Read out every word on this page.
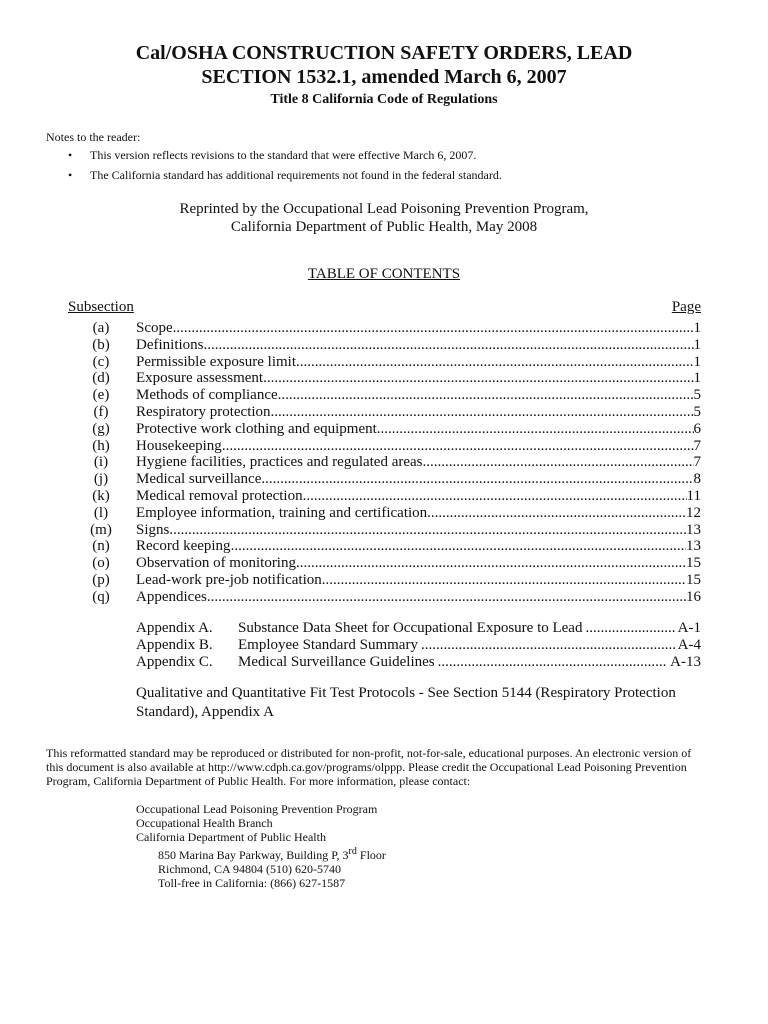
Cal/OSHA CONSTRUCTION SAFETY ORDERS, LEAD
SECTION 1532.1, amended March 6, 2007
Title 8 California Code of Regulations
Notes to the reader:
• This version reflects revisions to the standard that were effective March 6, 2007.
• The California standard has additional requirements not found in the federal standard.
Reprinted by the Occupational Lead Poisoning Prevention Program,
California Department of Public Health, May 2008
TABLE OF CONTENTS
Subsection	Page
(a)	Scope .....	1
(b)	Definitions .....	1
(c)	Permissible exposure limit .....	1
(d)	Exposure assessment .....	1
(e)	Methods of compliance .....	5
(f)	Respiratory protection .....	5
(g)	Protective work clothing and equipment .....	6
(h)	Housekeeping .....	7
(i)	Hygiene facilities, practices and regulated areas .....	7
(j)	Medical surveillance .....	8
(k)	Medical removal protection .....	11
(l)	Employee information, training and certification .....	12
(m)	Signs .....	13
(n)	Record keeping .....	13
(o)	Observation of monitoring .....	15
(p)	Lead-work pre-job notification .....	15
(q)	Appendices .....	16
Appendix A.	Substance Data Sheet for Occupational Exposure to Lead .....	A-1
Appendix B.	Employee Standard Summary .....	A-4
Appendix C.	Medical Surveillance Guidelines .....	A-13
Qualitative and Quantitative Fit Test Protocols - See Section 5144 (Respiratory Protection Standard), Appendix A
This reformatted standard may be reproduced or distributed for non-profit, not-for-sale, educational purposes. An electronic version of this document is also available at http://www.cdph.ca.gov/programs/olppp. Please credit the Occupational Lead Poisoning Prevention Program, California Department of Public Health. For more information, please contact:
Occupational Lead Poisoning Prevention Program
Occupational Health Branch
California Department of Public Health
850 Marina Bay Parkway, Building P, 3rd Floor
Richmond, CA 94804 (510) 620-5740
Toll-free in California: (866) 627-1587
